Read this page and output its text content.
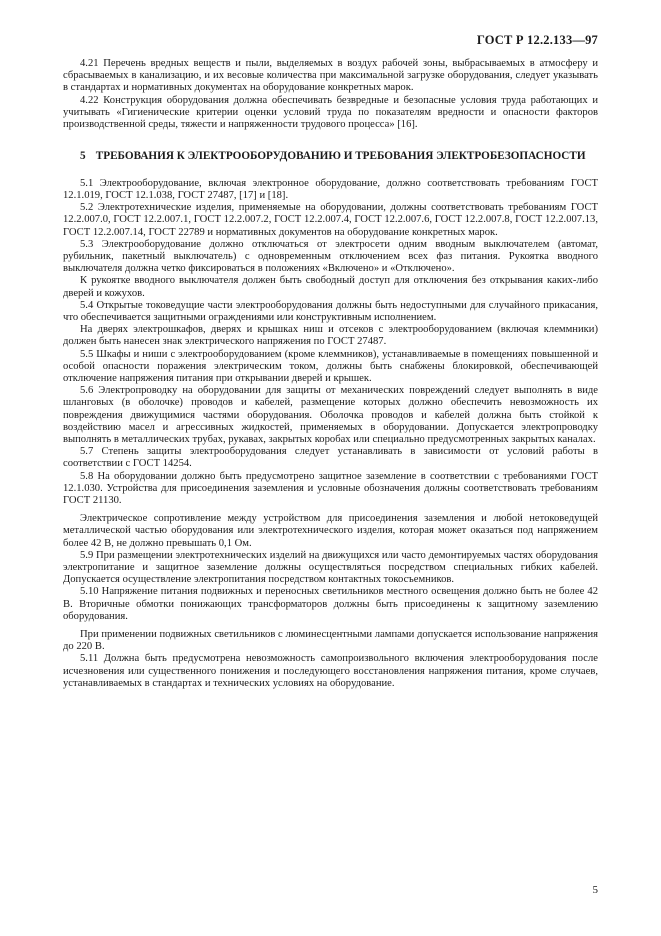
ГОСТ Р 12.2.133—97

4.21 Перечень вредных веществ и пыли, выделяемых в воздух рабочей зоны, выбрасываемых в атмосферу и сбрасываемых в канализацию, и их весовые количества при максимальной загрузке оборудования, следует указывать в стандартах и нормативных документах на оборудование конкретных марок.

4.22 Конструкция оборудования должна обеспечивать безвредные и безопасные условия труда работающих и учитывать «Гигиенические критерии оценки условий труда по показателям вредности и опасности факторов производственной среды, тяжести и напряженности трудового процесса» [16].

5 ТРЕБОВАНИЯ К ЭЛЕКТРООБОРУДОВАНИЮ И ТРЕБОВАНИЯ ЭЛЕКТРОБЕЗОПАСНОСТИ

5.1 Электрооборудование, включая электронное оборудование, должно соответствовать требованиям ГОСТ 12.1.019, ГОСТ 12.1.038, ГОСТ 27487, [17] и [18].

5.2 Электротехнические изделия, применяемые на оборудовании, должны соответствовать требованиям ГОСТ 12.2.007.0, ГОСТ 12.2.007.1, ГОСТ 12.2.007.2, ГОСТ 12.2.007.4, ГОСТ 12.2.007.6, ГОСТ 12.2.007.8, ГОСТ 12.2.007.13, ГОСТ 12.2.007.14, ГОСТ 22789 и нормативных документов на оборудование конкретных марок.

5.3 Электрооборудование должно отключаться от электросети одним вводным выключателем (автомат, рубильник, пакетный выключатель) с одновременным отключением всех фаз питания. Рукоятка вводного выключателя должна четко фиксироваться в положениях «Включено» и «Отключено».

К рукоятке вводного выключателя должен быть свободный доступ для отключения без открывания каких-либо дверей и кожухов.

5.4 Открытые токоведущие части электрооборудования должны быть недоступными для случайного прикасания, что обеспечивается защитными ограждениями или конструктивным исполнением.

На дверях электрошкафов, дверях и крышках ниш и отсеков с электрооборудованием (включая клеммники) должен быть нанесен знак электрического напряжения по ГОСТ 27487.

5.5 Шкафы и ниши с электрооборудованием (кроме клеммников), устанавливаемые в помещениях повышенной и особой опасности поражения электрическим током, должны быть снабжены блокировкой, обеспечивающей отключение напряжения питания при открывании дверей и крышек.

5.6 Электропроводку на оборудовании для защиты от механических повреждений следует выполнять в виде шланговых (в оболочке) проводов и кабелей, размещение которых должно обеспечить невозможность их повреждения движущимися частями оборудования. Оболочка проводов и кабелей должна быть стойкой к воздействию масел и агрессивных жидкостей, применяемых в оборудовании. Допускается электропроводку выполнять в металлических трубах, рукавах, закрытых коробах или специально предусмотренных закрытых каналах.

5.7 Степень защиты электрооборудования следует устанавливать в зависимости от условий работы в соответствии с ГОСТ 14254.

5.8 На оборудовании должно быть предусмотрено защитное заземление в соответствии с требованиями ГОСТ 12.1.030. Устройства для присоединения заземления и условные обозначения должны соответствовать требованиям ГОСТ 21130.

Электрическое сопротивление между устройством для присоединения заземления и любой нетоковедущей металлической частью оборудования или электротехнического изделия, которая может оказаться под напряжением более 42 В, не должно превышать 0,1 Ом.

5.9 При размещении электротехнических изделий на движущихся или часто демонтируемых частях оборудования электропитание и защитное заземление должны осуществляться посредством специальных гибких кабелей. Допускается осуществление электропитания посредством контактных токосъемников.

5.10 Напряжение питания подвижных и переносных светильников местного освещения должно быть не более 42 В. Вторичные обмотки понижающих трансформаторов должны быть присоединены к защитному заземлению оборудования.

При применении подвижных светильников с люминесцентными лампами допускается использование напряжения до 220 В.

5.11 Должна быть предусмотрена невозможность самопроизвольного включения электрооборудования после исчезновения или существенного понижения и последующего восстановления напряжения питания, кроме случаев, устанавливаемых в стандартах и технических условиях на оборудование.

5
